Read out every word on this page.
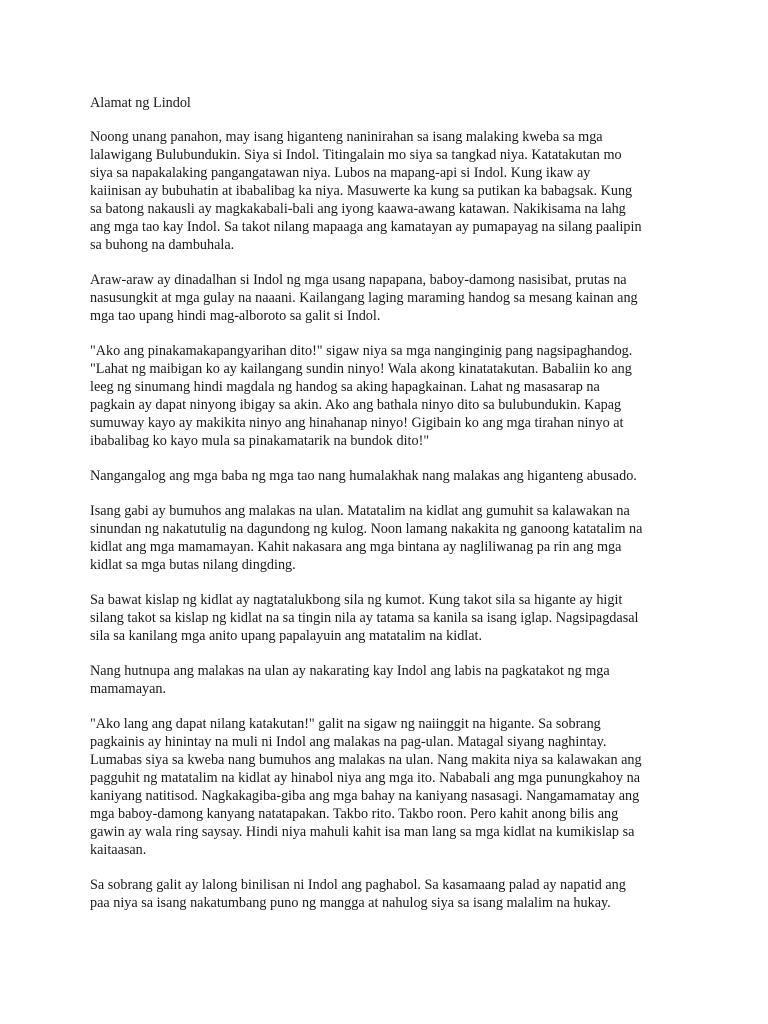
Alamat ng Lindol
Noong unang panahon, may isang higanteng naninirahan sa isang malaking kweba sa mga
lalawigang Bulubundukin. Siya si Indol. Titingalain mo siya sa tangkad niya. Katatakutan mo
siya sa napakalaking pangangatawan niya. Lubos na mapang-api si Indol. Kung ikaw ay
kaiinisan ay bubuhatin at ibabalibag ka niya. Masuwerte ka kung sa putikan ka babagsak. Kung
sa batong nakausli ay magkakabali-bali ang iyong kaawa-awang katawan. Nakikisama na lahg
ang mga tao kay Indol. Sa takot nilang mapaaga ang kamatayan ay pumapayag na silang paalipin
sa buhong na dambuhala.
Araw-araw ay dinadalhan si Indol ng mga usang napapana, baboy-damong nasisibat, prutas na
nasusungkit at mga gulay na naaani. Kailangang laging maraming handog sa mesang kainan ang
mga tao upang hindi mag-alboroto sa galit si Indol.
"Ako ang pinakamakapangyarihan dito!" sigaw niya sa mga nanginginig pang nagsipaghandog.
"Lahat ng maibigan ko ay kailangang sundin ninyo! Wala akong kinatatakutan. Babaliin ko ang
leeg ng sinumang hindi magdala ng handog sa aking hapagkainan. Lahat ng masasarap na
pagkain ay dapat ninyong ibigay sa akin. Ako ang bathala ninyo dito sa bulubundukin. Kapag
sumuway kayo ay makikita ninyo ang hinahanap ninyo! Gigibain ko ang mga tirahan ninyo at
ibabalibag ko kayo mula sa pinakamatarik na bundok dito!"
Nangangalog ang mga baba ng mga tao nang humalakhak nang malakas ang higanteng abusado.
Isang gabi ay bumuhos ang malakas na ulan. Matatalim na kidlat ang gumuhit sa kalawakan na
sinundan ng nakatutulig na dagundong ng kulog. Noon lamang nakakita ng ganoong katatalim na
kidlat ang mga mamamayan. Kahit nakasara ang mga bintana ay nagliliwanag pa rin ang mga
kidlat sa mga butas nilang dingding.
Sa bawat kislap ng kidlat ay nagtatalukbong sila ng kumot. Kung takot sila sa higante ay higit
silang takot sa kislap ng kidlat na sa tingin nila ay tatama sa kanila sa isang iglap. Nagsipagdasal
sila sa kanilang mga anito upang papalayuin ang matatalim na kidlat.
Nang hutnupa ang malakas na ulan ay nakarating kay Indol ang labis na pagkatakot ng mga
mamamayan.
"Ako lang ang dapat nilang katakutan!" galit na sigaw ng naiinggit na higante. Sa sobrang
pagkainis ay hinintay na muli ni Indol ang malakas na pag-ulan. Matagal siyang naghintay.
Lumabas siya sa kweba nang bumuhos ang malakas na ulan. Nang makita niya sa kalawakan ang
pagguhit ng matatalim na kidlat ay hinabol niya ang mga ito. Nababali ang mga punungkahoy na
kaniyang natitisod. Nagkakagiba-giba ang mga bahay na kaniyang nasasagi. Nangamamatay ang
mga baboy-damong kanyang natatapakan. Takbo rito. Takbo roon. Pero kahit anong bilis ang
gawin ay wala ring saysay. Hindi niya mahuli kahit isa man lang sa mga kidlat na kumikislap sa
kaitaasan.
Sa sobrang galit ay lalong binilisan ni Indol ang paghabol. Sa kasamaang palad ay napatid ang
paa niya sa isang nakatumbang puno ng mangga at nahulog siya sa isang malalim na hukay.
